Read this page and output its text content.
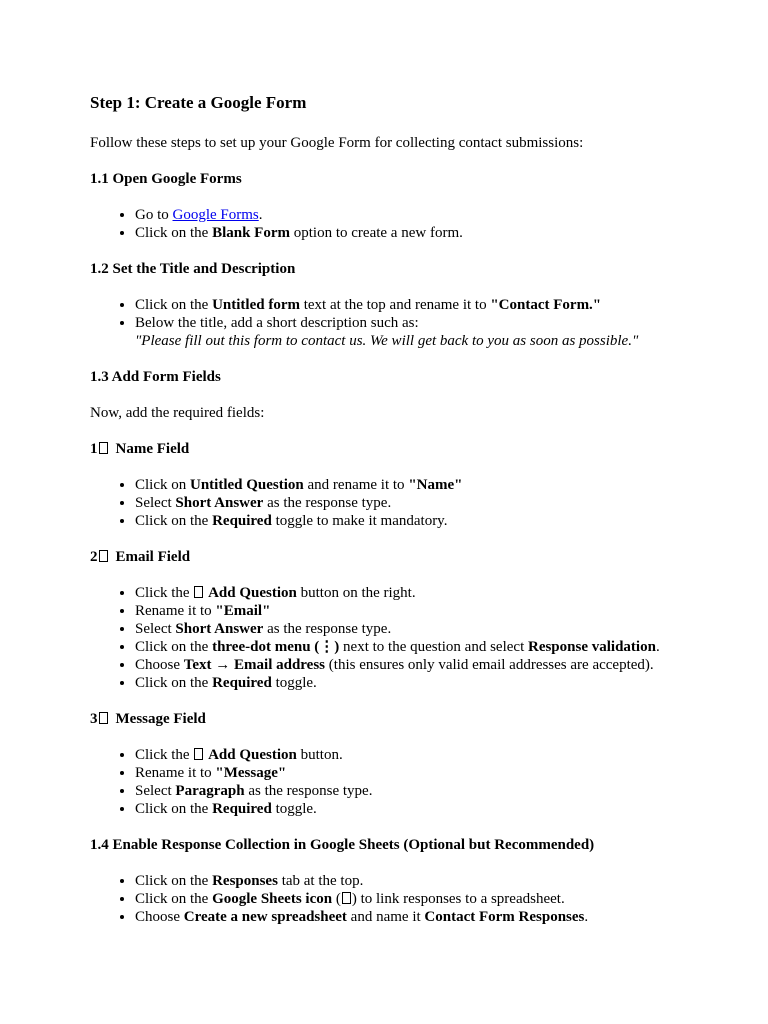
Step 1: Create a Google Form

Follow these steps to set up your Google Form for collecting contact submissions:

1.1 Open Google Forms
• Go to Google Forms.
• Click on the Blank Form option to create a new form.
1.2 Set the Title and Description
• Click on the Untitled form text at the top and rename it to "Contact Form."
• Below the title, add a short description such as:
"Please fill out this form to contact us. We will get back to you as soon as possible."
1.3 Add Form Fields

Now, add the required fields:

1 Name Field
• Click on Untitled Question and rename it to "Name"
• Select Short Answer as the response type.
• Click on the Required toggle to make it mandatory.
2 Email Field
• Click the  Add Question button on the right.
• Rename it to "Email"
• Select Short Answer as the response type.
• Click on the three-dot menu (⋮) next to the question and select Response validation.
• Choose Text → Email address (this ensures only valid email addresses are accepted).
• Click on the Required toggle.
3 Message Field
• Click the  Add Question button.
• Rename it to "Message"
• Select Paragraph as the response type.
• Click on the Required toggle.
1.4 Enable Response Collection in Google Sheets (Optional but Recommended)
• Click on the Responses tab at the top.
• Click on the Google Sheets icon ( ) to link responses to a spreadsheet.
• Choose Create a new spreadsheet and name it Contact Form Responses.
